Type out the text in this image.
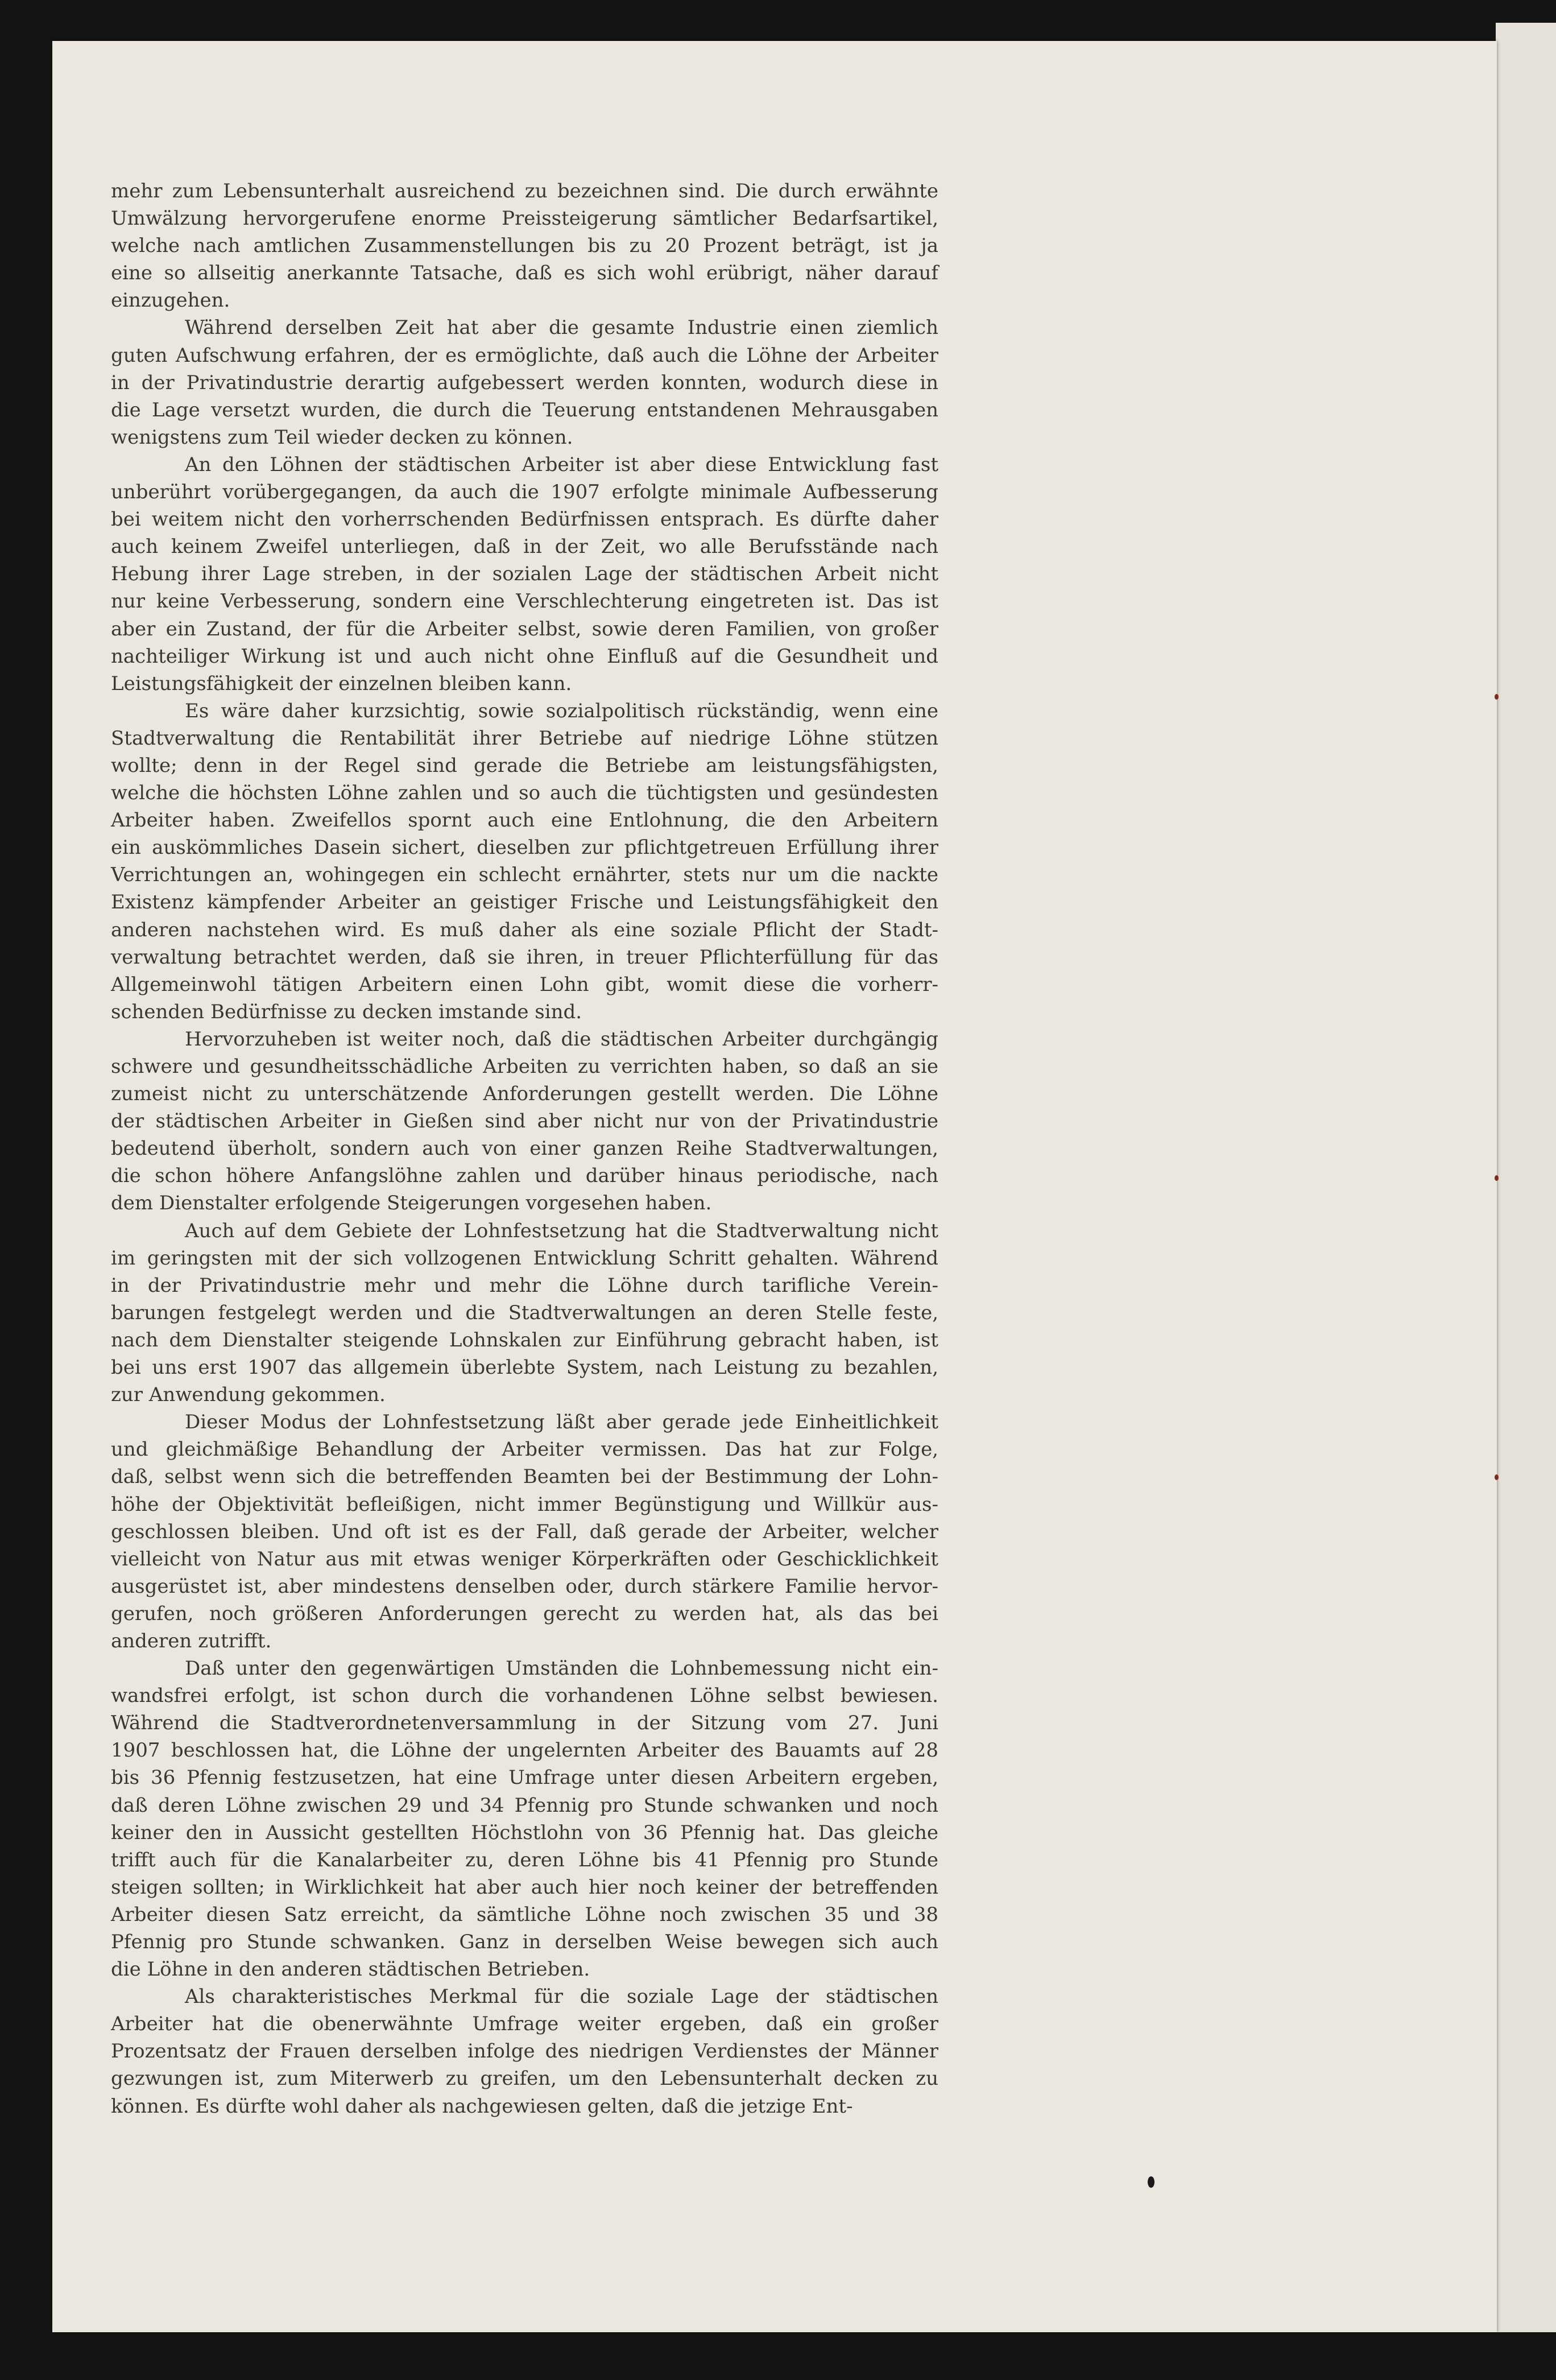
mehr zum Lebensunterhalt ausreichend zu bezeichnen sind. Die durch erwähnte
Umwälzung hervorgerufene enorme Preissteigerung sämtlicher Bedarfsartikel,
welche nach amtlichen Zusammenstellungen bis zu 20 Prozent beträgt, ist ja
eine so allseitig anerkannte Tatsache, daß es sich wohl erübrigt, näher darauf
einzugehen.
Während derselben Zeit hat aber die gesamte Industrie einen ziemlich
guten Aufschwung erfahren, der es ermöglichte, daß auch die Löhne der Arbeiter
in der Privatindustrie derartig aufgebessert werden konnten, wodurch diese in
die Lage versetzt wurden, die durch die Teuerung entstandenen Mehrausgaben
wenigstens zum Teil wieder decken zu können.
An den Löhnen der städtischen Arbeiter ist aber diese Entwicklung fast
unberührt vorübergegangen, da auch die 1907 erfolgte minimale Aufbesserung
bei weitem nicht den vorherrschenden Bedürfnissen entsprach. Es dürfte daher
auch keinem Zweifel unterliegen, daß in der Zeit, wo alle Berufsstände nach
Hebung ihrer Lage streben, in der sozialen Lage der städtischen Arbeit nicht
nur keine Verbesserung, sondern eine Verschlechterung eingetreten ist. Das ist
aber ein Zustand, der für die Arbeiter selbst, sowie deren Familien, von großer
nachteiliger Wirkung ist und auch nicht ohne Einfluß auf die Gesundheit und
Leistungsfähigkeit der einzelnen bleiben kann.
Es wäre daher kurzsichtig, sowie sozialpolitisch rückständig, wenn eine
Stadtverwaltung die Rentabilität ihrer Betriebe auf niedrige Löhne stützen
wollte; denn in der Regel sind gerade die Betriebe am leistungsfähigsten,
welche die höchsten Löhne zahlen und so auch die tüchtigsten und gesündesten
Arbeiter haben. Zweifellos spornt auch eine Entlohnung, die den Arbeitern
ein auskömmliches Dasein sichert, dieselben zur pflichtgetreuen Erfüllung ihrer
Verrichtungen an, wohingegen ein schlecht ernährter, stets nur um die nackte
Existenz kämpfender Arbeiter an geistiger Frische und Leistungsfähigkeit den
anderen nachstehen wird. Es muß daher als eine soziale Pflicht der Stadt-
verwaltung betrachtet werden, daß sie ihren, in treuer Pflichterfüllung für das
Allgemeinwohl tätigen Arbeitern einen Lohn gibt, womit diese die vorherr-
schenden Bedürfnisse zu decken imstande sind.
Hervorzuheben ist weiter noch, daß die städtischen Arbeiter durchgängig
schwere und gesundheitsschädliche Arbeiten zu verrichten haben, so daß an sie
zumeist nicht zu unterschätzende Anforderungen gestellt werden. Die Löhne
der städtischen Arbeiter in Gießen sind aber nicht nur von der Privatindustrie
bedeutend überholt, sondern auch von einer ganzen Reihe Stadtverwaltungen,
die schon höhere Anfangslöhne zahlen und darüber hinaus periodische, nach
dem Dienstalter erfolgende Steigerungen vorgesehen haben.
Auch auf dem Gebiete der Lohnfestsetzung hat die Stadtverwaltung nicht
im geringsten mit der sich vollzogenen Entwicklung Schritt gehalten. Während
in der Privatindustrie mehr und mehr die Löhne durch tarifliche Verein-
barungen festgelegt werden und die Stadtverwaltungen an deren Stelle feste,
nach dem Dienstalter steigende Lohnskalen zur Einführung gebracht haben, ist
bei uns erst 1907 das allgemein überlebte System, nach Leistung zu bezahlen,
zur Anwendung gekommen.
Dieser Modus der Lohnfestsetzung läßt aber gerade jede Einheitlichkeit
und gleichmäßige Behandlung der Arbeiter vermissen. Das hat zur Folge,
daß, selbst wenn sich die betreffenden Beamten bei der Bestimmung der Lohn-
höhe der Objektivität befleißigen, nicht immer Begünstigung und Willkür aus-
geschlossen bleiben. Und oft ist es der Fall, daß gerade der Arbeiter, welcher
vielleicht von Natur aus mit etwas weniger Körperkräften oder Geschicklichkeit
ausgerüstet ist, aber mindestens denselben oder, durch stärkere Familie hervor-
gerufen, noch größeren Anforderungen gerecht zu werden hat, als das bei
anderen zutrifft.
Daß unter den gegenwärtigen Umständen die Lohnbemessung nicht ein-
wandsfrei erfolgt, ist schon durch die vorhandenen Löhne selbst bewiesen.
Während die Stadtverordnetenversammlung in der Sitzung vom 27. Juni
1907 beschlossen hat, die Löhne der ungelernten Arbeiter des Bauamts auf 28
bis 36 Pfennig festzusetzen, hat eine Umfrage unter diesen Arbeitern ergeben,
daß deren Löhne zwischen 29 und 34 Pfennig pro Stunde schwanken und noch
keiner den in Aussicht gestellten Höchstlohn von 36 Pfennig hat. Das gleiche
trifft auch für die Kanalarbeiter zu, deren Löhne bis 41 Pfennig pro Stunde
steigen sollten; in Wirklichkeit hat aber auch hier noch keiner der betreffenden
Arbeiter diesen Satz erreicht, da sämtliche Löhne noch zwischen 35 und 38
Pfennig pro Stunde schwanken. Ganz in derselben Weise bewegen sich auch
die Löhne in den anderen städtischen Betrieben.
Als charakteristisches Merkmal für die soziale Lage der städtischen
Arbeiter hat die obenerwähnte Umfrage weiter ergeben, daß ein großer
Prozentsatz der Frauen derselben infolge des niedrigen Verdienstes der Männer
gezwungen ist, zum Miterwerb zu greifen, um den Lebensunterhalt decken zu
können. Es dürfte wohl daher als nachgewiesen gelten, daß die jetzige Ent-
